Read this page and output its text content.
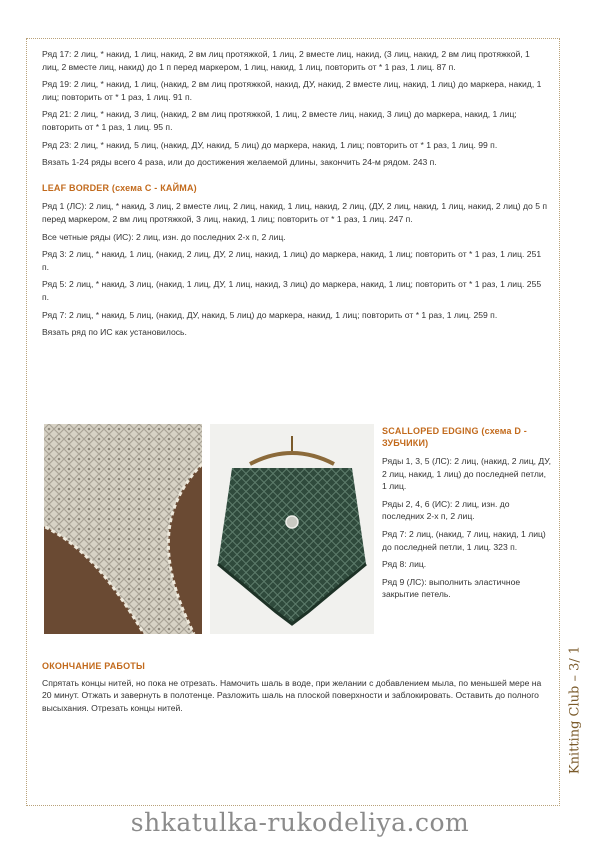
Ряд 17: 2 лиц, * накид, 1 лиц, накид, 2 вм лиц протяжкой, 1 лиц, 2 вместе лиц, накид, (3 лиц, накид, 2 вм лиц протяжкой, 1 лиц, 2 вместе лиц, накид) до 1 п перед маркером, 1 лиц, накид, 1 лиц, повторить от * 1 раз, 1 лиц. 87 п.

Ряд 19: 2 лиц, * накид, 1 лиц, (накид, 2 вм лиц протяжкой, накид, ДУ, накид, 2 вместе лиц, накид, 1 лиц) до маркера, накид, 1 лиц; повторить от * 1 раз, 1 лиц. 91 п.

Ряд 21: 2 лиц, * накид, 3 лиц, (накид, 2 вм лиц протяжкой, 1 лиц, 2 вместе лиц, накид, 3 лиц) до маркера, накид, 1 лиц; повторить от * 1 раз, 1 лиц. 95 п.

Ряд 23: 2 лиц, * накид, 5 лиц, (накид, ДУ, накид, 5 лиц) до маркера, накид, 1 лиц; повторить от * 1 раз, 1 лиц. 99 п.

Вязать 1-24 ряды всего 4 раза, или до достижения желаемой длины, закончить 24-м рядом. 243 п.

LEAF BORDER (схема С - КАЙМА)

Ряд 1 (ЛС): 2 лиц, * накид, 3 лиц, 2 вместе лиц, 2 лиц, накид, 1 лиц, накид, 2 лиц, (ДУ, 2 лиц, накид, 1 лиц, накид, 2 лиц) до 5 п перед маркером, 2 вм лиц протяжкой, 3 лиц, накид, 1 лиц; повторить от * 1 раз, 1 лиц. 247 п.

Все четные ряды (ИС): 2 лиц, изн. до последних 2-х п, 2 лиц.

Ряд 3: 2 лиц, * накид, 1 лиц, (накид, 2 лиц, ДУ, 2 лиц, накид, 1 лиц) до маркера, накид, 1 лиц; повторить от * 1 раз, 1 лиц. 251 п.

Ряд 5: 2 лиц, * накид, 3 лиц, (накид, 1 лиц, ДУ, 1 лиц, накид, 3 лиц) до маркера, накид, 1 лиц; повторить от * 1 раз, 1 лиц. 255 п.

Ряд 7: 2 лиц, * накид, 5 лиц, (накид, ДУ, накид, 5 лиц) до маркера, накид, 1 лиц; повторить от * 1 раз, 1 лиц. 259 п.

Вязать ряд по ИС как установилось.

SCALLOPED EDGING (схема D - ЗУБЧИКИ)

Ряды 1, 3, 5 (ЛС): 2 лиц, (накид, 2 лиц, ДУ, 2 лиц, накид, 1 лиц) до последней петли, 1 лиц.

Ряды 2, 4, 6 (ИС): 2 лиц, изн. до последних 2-х п, 2 лиц.

Ряд 7: 2 лиц, (накид, 7 лиц, накид, 1 лиц) до последней петли, 1 лиц. 323 п.

Ряд 8: лиц.

Ряд 9 (ЛС): выполнить эластичное закрытие петель.

ОКОНЧАНИЕ РАБОТЫ

Спрятать концы нитей, но пока не отрезать. Намочить шаль в воде, при желании с добавлением мыла, по меньшей мере на 20 минут. Отжать и завернуть в полотенце. Разложить шаль на плоской поверхности и заблокировать. Оставить до полного высыхания. Отрезать концы нитей.	Knitting Club – 3/ 1
shkatulka-rukodeliya.com
